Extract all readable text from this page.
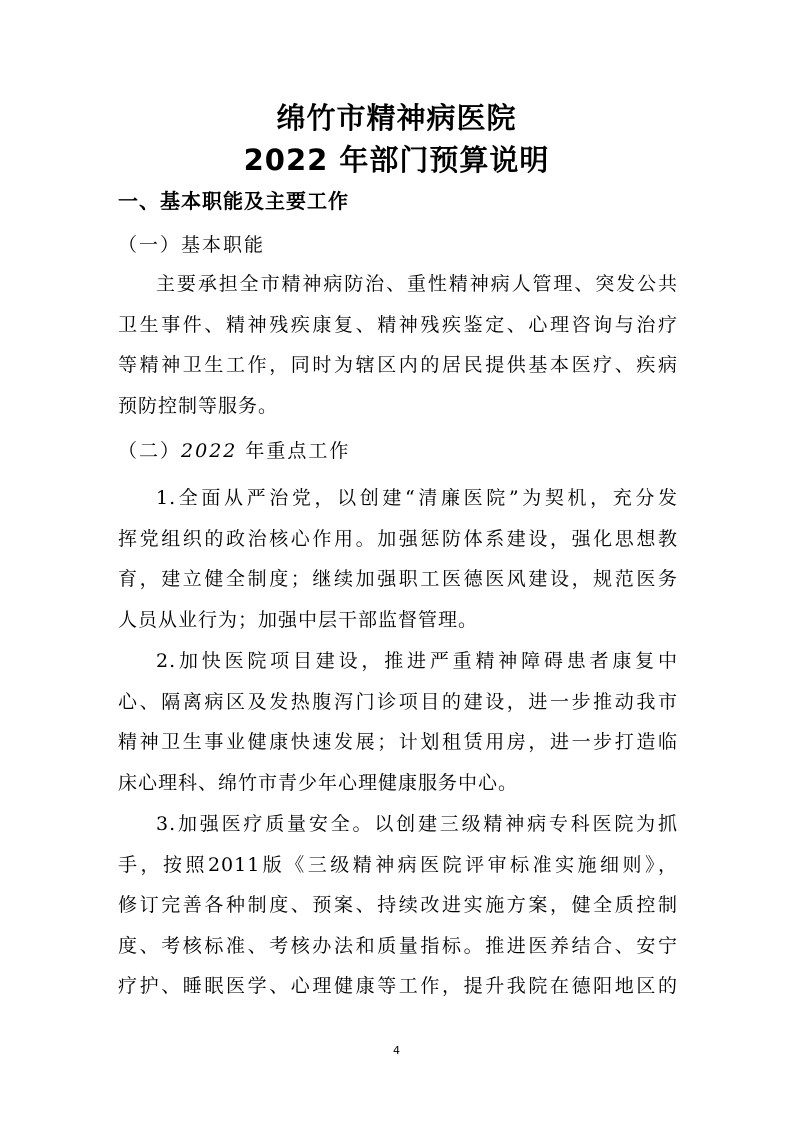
绵竹市精神病医院
2022 年部门预算说明
一、基本职能及主要工作
（一）基本职能
主要承担全市精神病防治、重性精神病人管理、突发公共
卫生事件、精神残疾康复、精神残疾鉴定、心理咨询与治疗
等精神卫生工作，同时为辖区内的居民提供基本医疗、疾病
预防控制等服务。
（二）2022 年重点工作
1.全面从严治党，以创建“清廉医院”为契机，充分发
挥党组织的政治核心作用。加强惩防体系建设，强化思想教
育，建立健全制度；继续加强职工医德医风建设，规范医务
人员从业行为；加强中层干部监督管理。
2.加快医院项目建设，推进严重精神障碍患者康复中
心、隔离病区及发热腹泻门诊项目的建设，进一步推动我市
精神卫生事业健康快速发展；计划租赁用房，进一步打造临
床心理科、绵竹市青少年心理健康服务中心。
3.加强医疗质量安全。以创建三级精神病专科医院为抓
手，按照2011版《三级精神病医院评审标准实施细则》，
修订完善各种制度、预案、持续改进实施方案，健全质控制
度、考核标准、考核办法和质量指标。推进医养结合、安宁
疗护、睡眠医学、心理健康等工作，提升我院在德阳地区的
4
